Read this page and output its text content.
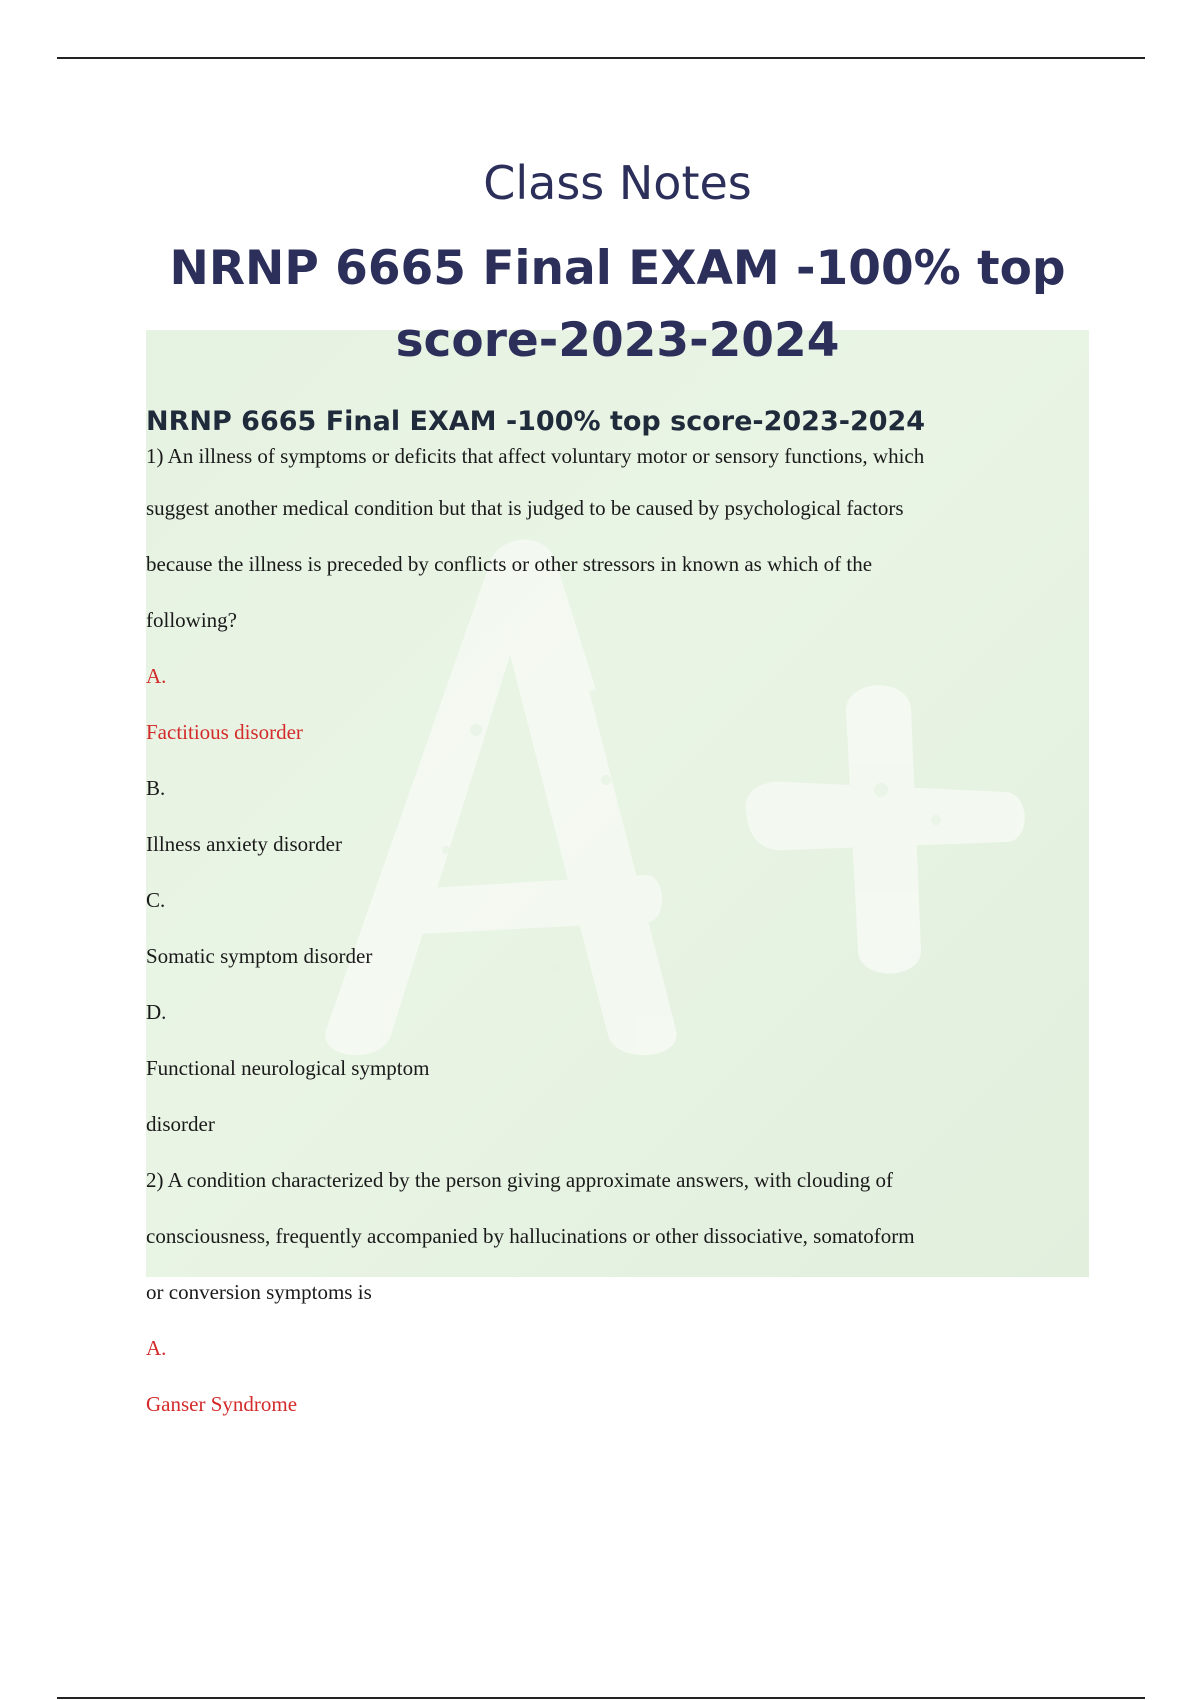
Class Notes
NRNP 6665 Final EXAM -100% top
score-2023-2024
NRNP 6665 Final EXAM -100% top score-2023-2024
1) An illness of symptoms or deficits that affect voluntary motor or sensory functions, which
suggest another medical condition but that is judged to be caused by psychological factors
because the illness is preceded by conflicts or other stressors in known as which of the
following?
A.
Factitious disorder
B.
Illness anxiety disorder
C.
Somatic symptom disorder
D.
Functional neurological symptom
disorder
2) A condition characterized by the person giving approximate answers, with clouding of
consciousness, frequently accompanied by hallucinations or other dissociative, somatoform
or conversion symptoms is
A.
Ganser Syndrome
